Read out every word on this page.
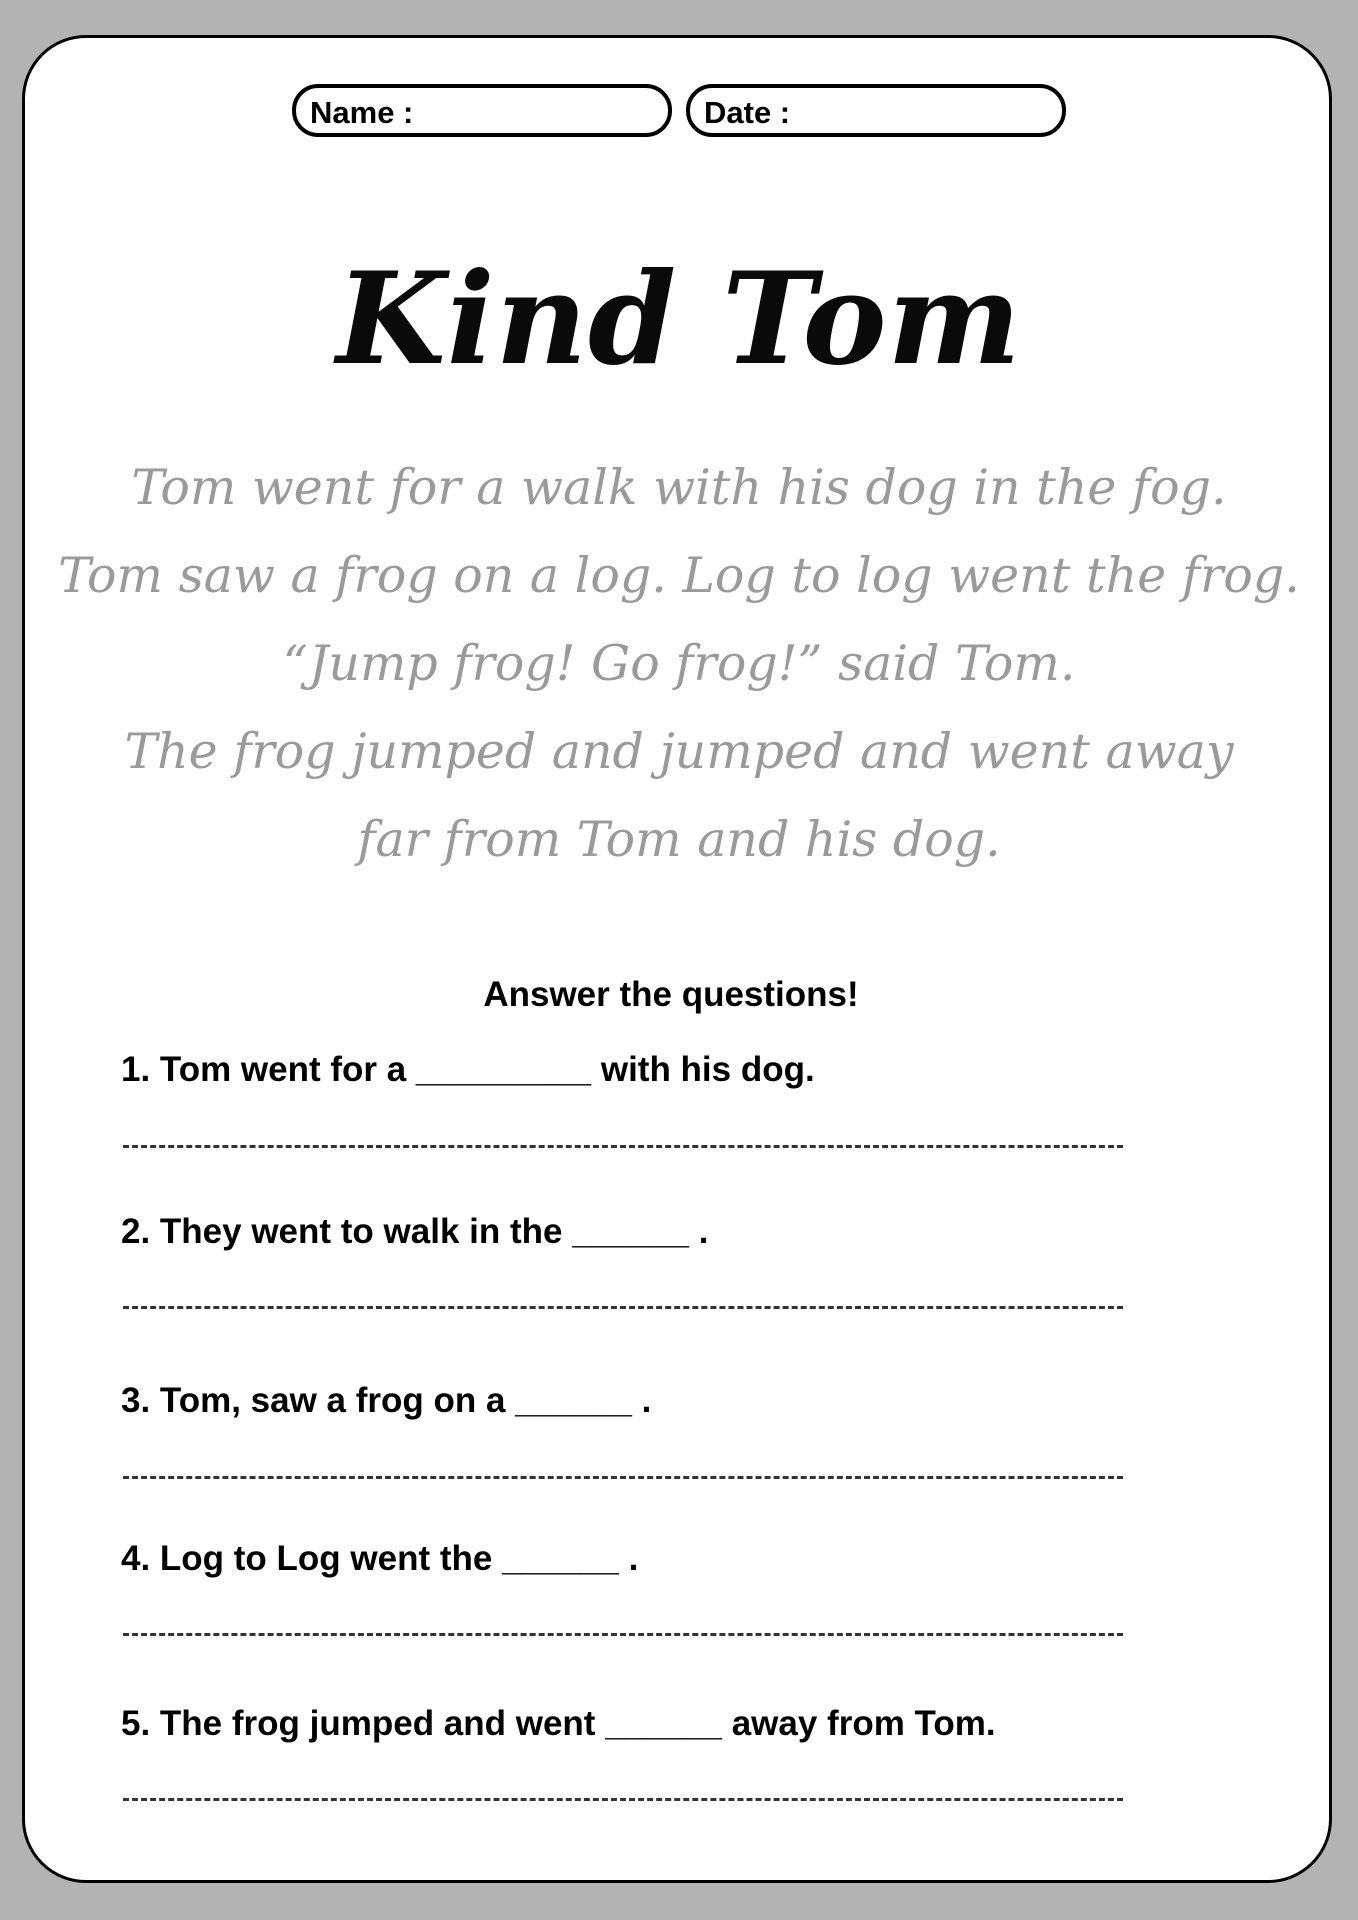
Name :	Date :
Kind Tom
Tom went for a walk with his dog in the fog.
Tom saw a frog on a log. Log to log went the frog.
“Jump frog! Go frog!” said Tom.
The frog jumped and jumped and went away
far from Tom and his dog.
Answer the questions!
1. Tom went for a _________ with his dog.
2. They went to walk in the ______ .
3. Tom, saw a frog on a ______ .
4. Log to Log went the ______ .
5. The frog jumped and went ______ away from Tom.
